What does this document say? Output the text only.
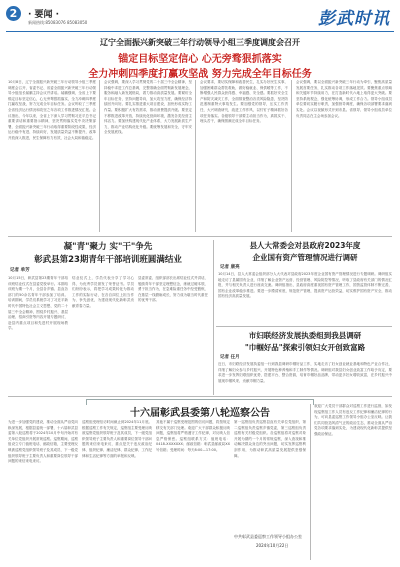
2	· 要闻 ·
新闻热线:85083076 85083050	彭武时讯
辽宁全面振兴新突破三年行动领导小组三季度调度会召开
锚定目标坚定信心 心无旁骛狠抓落实
全力冲刺四季度打赢攻坚战 努力完成全年目标任务
10月8日，辽宁全面振兴新突破三年行动领导小组三季度调度会召开，省委书记、省委全面振兴新突破三年行动领导小组组长郝鹏主持会议并讲话。郝鹏强调，全省上下要锚定目标坚定信心，心无旁骛狠抓落实，全力冲刺四季度打赢攻坚战，努力完成全年目标任务。会议听取了三季度全省经济运行情况和攻坚之年各项工作推进情况汇报。会议指出，今年以来，全省上下深入学习贯彻习近平总书记重要讲话和重要指示精神，坚决贯彻落实党中央决策部署，全面振兴新突破三年行动取得重要阶段性成果，经济运行稳中有进、持续向好，发展质量效益不断提升，改革开放深入推进，民生保障有力有效，社会大局和谐稳定。
会议强调，要深入学习贯彻党的二十届三中全会精神，坚持稳中求进工作总基调，完整准确全面贯彻新发展理念，服务和融入新发展格局，着力推动高质量发展。要紧盯全年目标任务，坚持问题导向，加大攻坚力度，确保经济持续回升向好。要扎实推进重大项目建设，加快形成实物工作量。要积极扩大有效需求，推动消费提质升级。要坚定不移推进改革开放，持续优化营商环境，激发各类经营主体活力。要加快构建现代化产业体系，大力发展新质生产力，推动产业结构优化升级。要统筹发展和安全，守牢安全发展底线。
会议要求，要切实保障和改善民生，扎实办好民生实事，加强困难群众帮扶救助，做好稳就业、保供暖等工作，不断增强人民群众获得感、幸福感、安全感。要抓好安全生产和防灾减灾工作，全面排查整治各类风险隐患，坚决防范遏制重特大事故发生。要加强党的领导，压实工作责任，大兴调查研究，改进工作作风，以钉钉子精神抓好各项任务落实。各级领导干部要主动担当作为，真抓实干、埋头苦干，确保圆满完成全年目标任务。
会议强调，要以全面振兴新突破三年行动为牵引，聚焦高质量发展首要任务，扎实推动各项工作落地见效。要聚焦重点领域和关键环节持续用力，在打造新时代六地上取得更大突破。要坚持系统观念，强化统筹协调，形成工作合力。领导小组成员单位要切实履行职责，加强督导调度，确保各项部署要求落到实处。会议以视频形式开到市县。省领导、领导小组成员单位负责同志在主会场参加会议。
凝"青"聚力 实"干"争先
彰武县第23期青年干部培训班圆满结业
记者 单芳
10月15日，彰武县第23期青年干部培训班结业仪式在县委党校举行。本期培训班为期一个月，全县各乡镇、县直各部门的50余名青年干部参加了培训。培训期间，学员们系统学习了习近平新时代中国特色社会主义思想、党的二十届三中全会精神，围绕乡村振兴、基层治理、招商引资等内容开展专题研讨，赴县内重点项目和先进村开展现场教学。
结业仪式上，学员代表分享了学习心得，为优秀学员颁发了荣誉证书。学员们纷纷表示，将把学习成果转化为推动工作的实际行动，在各自岗位上担当作为、争先创优，为建设现代化新彰武贡献青春力量。
县委常委、组织部部长出席结业仪式并讲话，勉励青年干部坚定理想信念，练就过硬本领，勇于担当作为，在急难险重任务中经受锻炼，在基层一线磨砺成长，努力成为堪当时代重任的优秀干部。
县人大常委会对县政府2023年度
企业国有资产管理情况进行调研
记者 康亮
10月14日，县人大常委会组织部分人大代表对县政府2023年度企业国有资产管理情况进行专题调研。调研组实地走访了县属国有企业，详细了解企业资产运营、经营管理、风险防控等情况，听取了县政府有关部门的情况汇报，并与相关负责人进行座谈交流。调研组指出，县政府高度重视国有资产管理工作，国资监管体制不断完善，国有企业改革稳步推进。要进一步摸清家底，规范资产管理，提高资产运营效益，切实维护国有资产安全，推动国有经济高质量发展。
市妇联经济发展执委组到我县调研
"巾帼好品"探索引领妇女开创致富路
记者 任月
近日，市妇联经济发展执委组一行到我县调研巾帼好品工作，实地走访了妇女创业就业基地和特色产业合作社，详细了解妇女参与乡村振兴、开展特色种养殖和手工制作等情况。调研组对我县妇女创业致富工作给予肯定，要求进一步发挥妇联组织优势，搭建平台、整合资源，培育巾帼好品品牌，带动更多妇女增收致富，在乡村振兴中展现巾帼风采、贡献巾帼力量。
十六届彰武县委第八轮巡察公告
为进一步加强党的建设，推动全面从严治党向纵深发展，根据县委统一部署，十六届彰武县委第八轮巡察将于2024年10月中旬开始对有关单位党组织开展常规巡察。巡察期间，巡察组设立专门值班电话、邮政信箱，主要受理反映被巡察党组织领导班子及其成员、下一级党组织领导班子主要负责人和重要岗位领导干部问题的来信来电来访。
巡察组受理信访时间截止到2024年11月底。根据巡察工作有关规定，巡察组主要受理反映被巡察党组织领导班子及其成员，下一级党组织领导班子主要负责人和重要岗位领导干部问题的来信来电来访，重点是关于违反政治纪律、组织纪律、廉洁纪律、群众纪律、工作纪律和生活纪律等方面的举报和反映。
其他不属于巡察受理范围的信访问题，将按规定移交有关部门处理。欢迎广大干部群众积极反映问题，巡察组将严格遵守工作纪律，对反映人信息严格保密。巡察组联系方式：值班电话：0418-XXXXXXX；邮政信箱：彰武县邮政局XX号信箱；受理时间：每天8:00—17:00。
第一巡察组负责巡察县直有关单位党组织，第二巡察组负责巡察乡镇党委，第三巡察组负责巡察有关村级党组织。各巡察组将对巡察对象开展为期约一个月的常规巡察，深入查找和推动解决群众身边的突出问题，切实发挥巡察利剑作用，为推动彰武高质量发展提供坚强保障。
中共彰武县委巡察工作领导小组办公室
2024年10月22日
欢迎广大党员干部群众对巡察工作进行监督，如发现巡察组工作人员有违反工作纪律和廉洁纪律的行为，可向县委巡察工作领导小组办公室反映。让我们共同营造风清气正的政治生态，推动全面从严治党各项要求落到实处，为建设现代化新彰武提供坚强政治保证。
